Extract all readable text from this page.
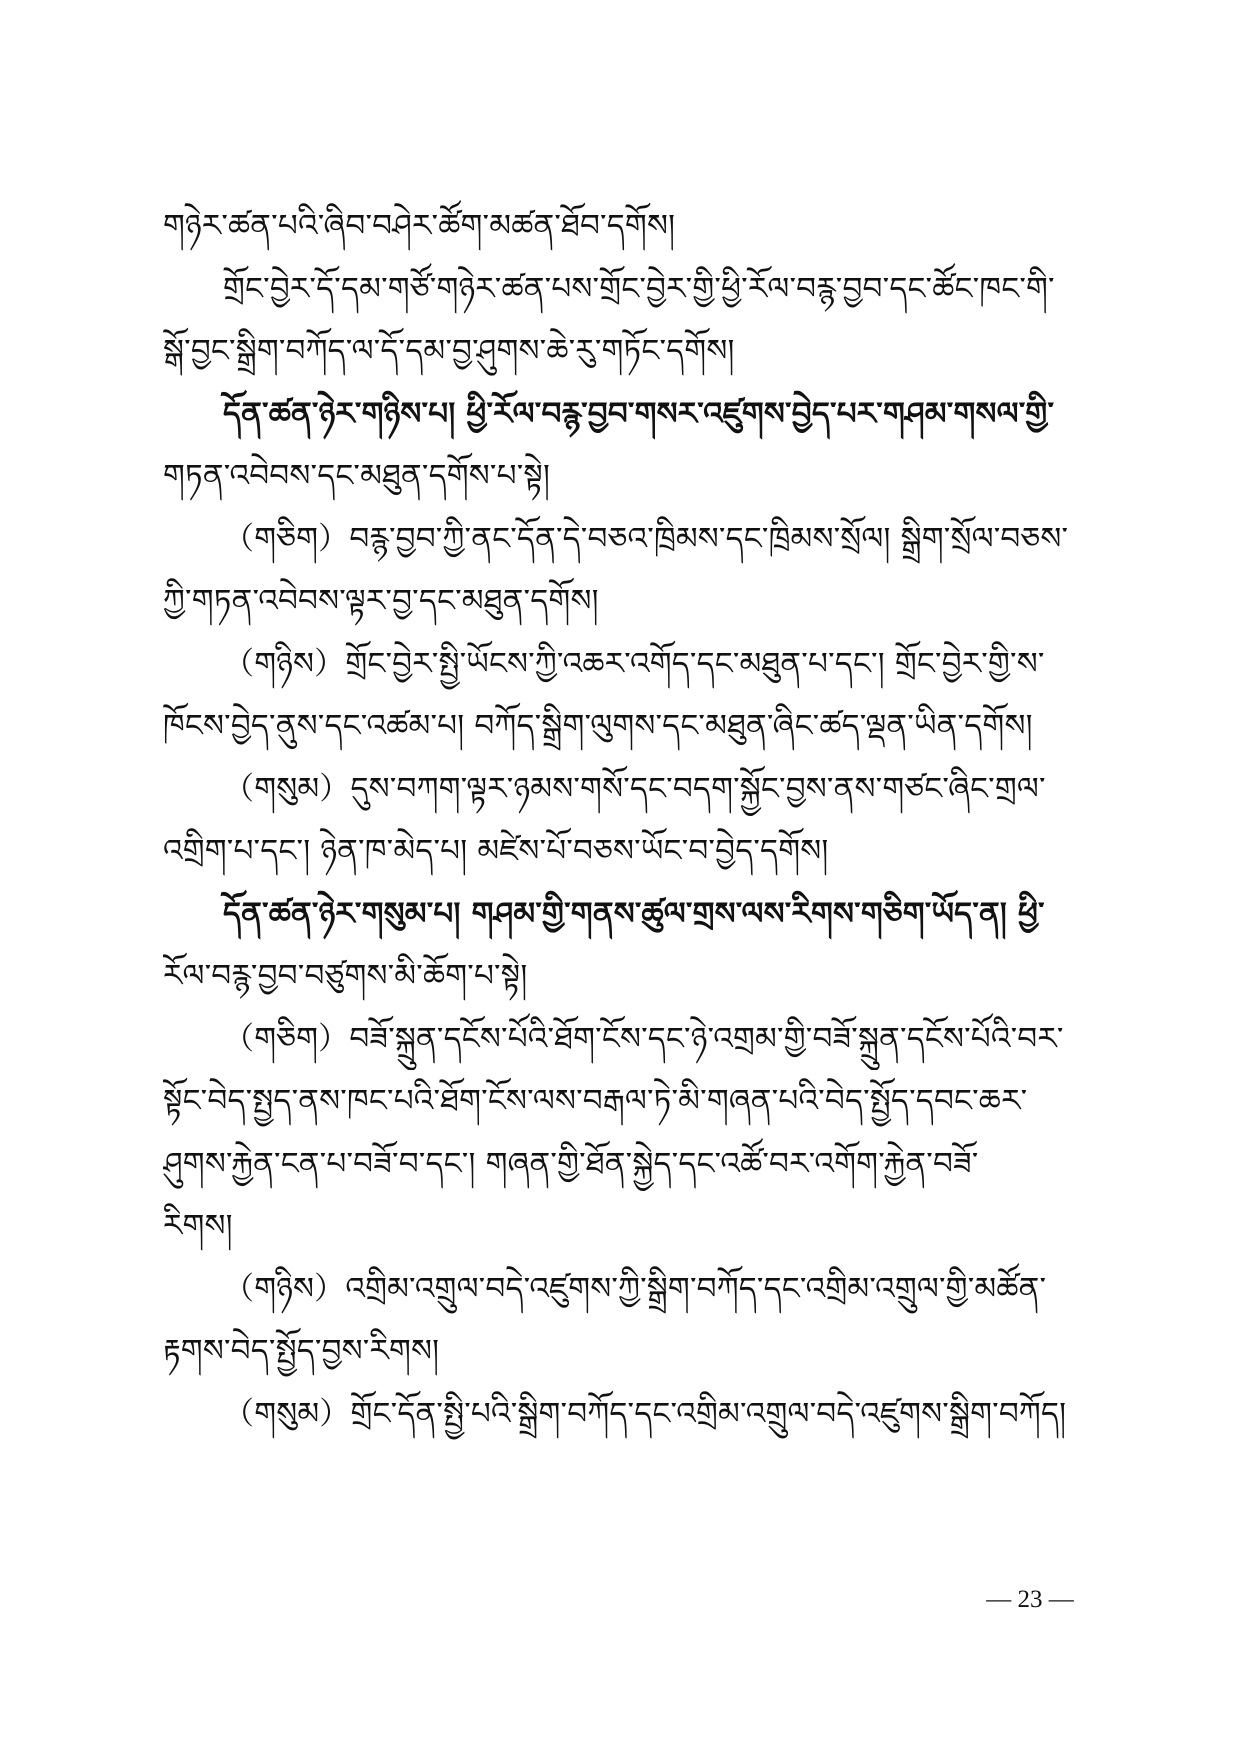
གཉེར་ཚན་པའི་ཞིབ་བཤེར་ཚོག་མཚན་ཐོབ་དགོས།
གྲོང་བྱེར་དོ་དམ་གཙོ་གཉེར་ཚན་པས་གྲོང་བྱེར་གྱི་ཕྱི་རོལ་བརྙ་བྱབ་དང་ཚོང་ཁང་གི་
སྒོ་བྱང་སྒྲིག་བཀོད་ལ་དོ་དམ་བྱ་ཤུགས་ཆེ་རུ་གཏོང་དགོས།
དོན་ཚན་ཉེར་གཉིས་པ། ཕྱི་རོལ་བརྙ་བྱབ་གསར་འཛུགས་བྱེད་པར་གཤམ་གསལ་གྱི་
གཏན་འབེབས་དང་མཐུན་དགོས་པ་སྟེ།
（གཅིག）བརྙ་བྱབ་ཀྱི་ནང་དོན་དེ་བཅའ་ཁྲིམས་དང་ཁྲིམས་སྲོལ། སྒྲིག་སྲོལ་བཅས་
ཀྱི་གཏན་འབེབས་ལྟར་བྱ་དང་མཐུན་དགོས།
（གཉིས）གྲོང་བྱེར་སྤྱི་ཡོངས་ཀྱི་འཆར་འགོད་དང་མཐུན་པ་དང་། གྲོང་བྱེར་གྱི་ས་
ཁོངས་བྱེད་ནུས་དང་འཚམ་པ། བཀོད་སྒྲིག་ལུགས་དང་མཐུན་ཞིང་ཚད་ལྡན་ཡིན་དགོས།
（གསུམ）དུས་བཀག་ལྟར་ཉམས་གསོ་དང་བདག་སྐྱོང་བྱས་ནས་གཙང་ཞིང་གྲལ་
འགྲིག་པ་དང་། ཉེན་ཁ་མེད་པ། མཛེས་པོ་བཅས་ཡོང་བ་བྱེད་དགོས།
དོན་ཚན་ཉེར་གསུམ་པ། གཤམ་གྱི་གནས་ཚུལ་གྲས་ལས་རིགས་གཅིག་ཡོད་ན། ཕྱི་
རོལ་བརྙ་བྱབ་བཙུགས་མི་ཆོག་པ་སྟེ།
（གཅིག）བཟོ་སྐྲུན་དངོས་པོའི་ཐོག་ངོས་དང་ཉེ་འགྲམ་གྱི་བཟོ་སྐྲུན་དངོས་པོའི་བར་
སྟོང་བེད་སྤྱད་ནས་ཁང་པའི་ཐོག་ངོས་ལས་བརྒལ་ཏེ་མི་གཞན་པའི་བེད་སྤྱོད་དབང་ཆར་
ཤུགས་རྐྱེན་ངན་པ་བཟོ་བ་དང་། གཞན་གྱི་ཐོན་སྐྱེད་དང་འཚོ་བར་འགོག་རྐྱེན་བཟོ་
རིགས།
（གཉིས）འགྲིམ་འགྲུལ་བདེ་འཛུགས་ཀྱི་སྒྲིག་བཀོད་དང་འགྲིམ་འགྲུལ་གྱི་མཚོན་
རྟགས་བེད་སྤྱོད་བྱས་རིགས།
（གསུམ）གྲོང་དོན་སྤྱི་པའི་སྒྲིག་བཀོད་དང་འགྲིམ་འགྲུལ་བདེ་འཛུགས་སྒྲིག་བཀོད།
— 23 —
